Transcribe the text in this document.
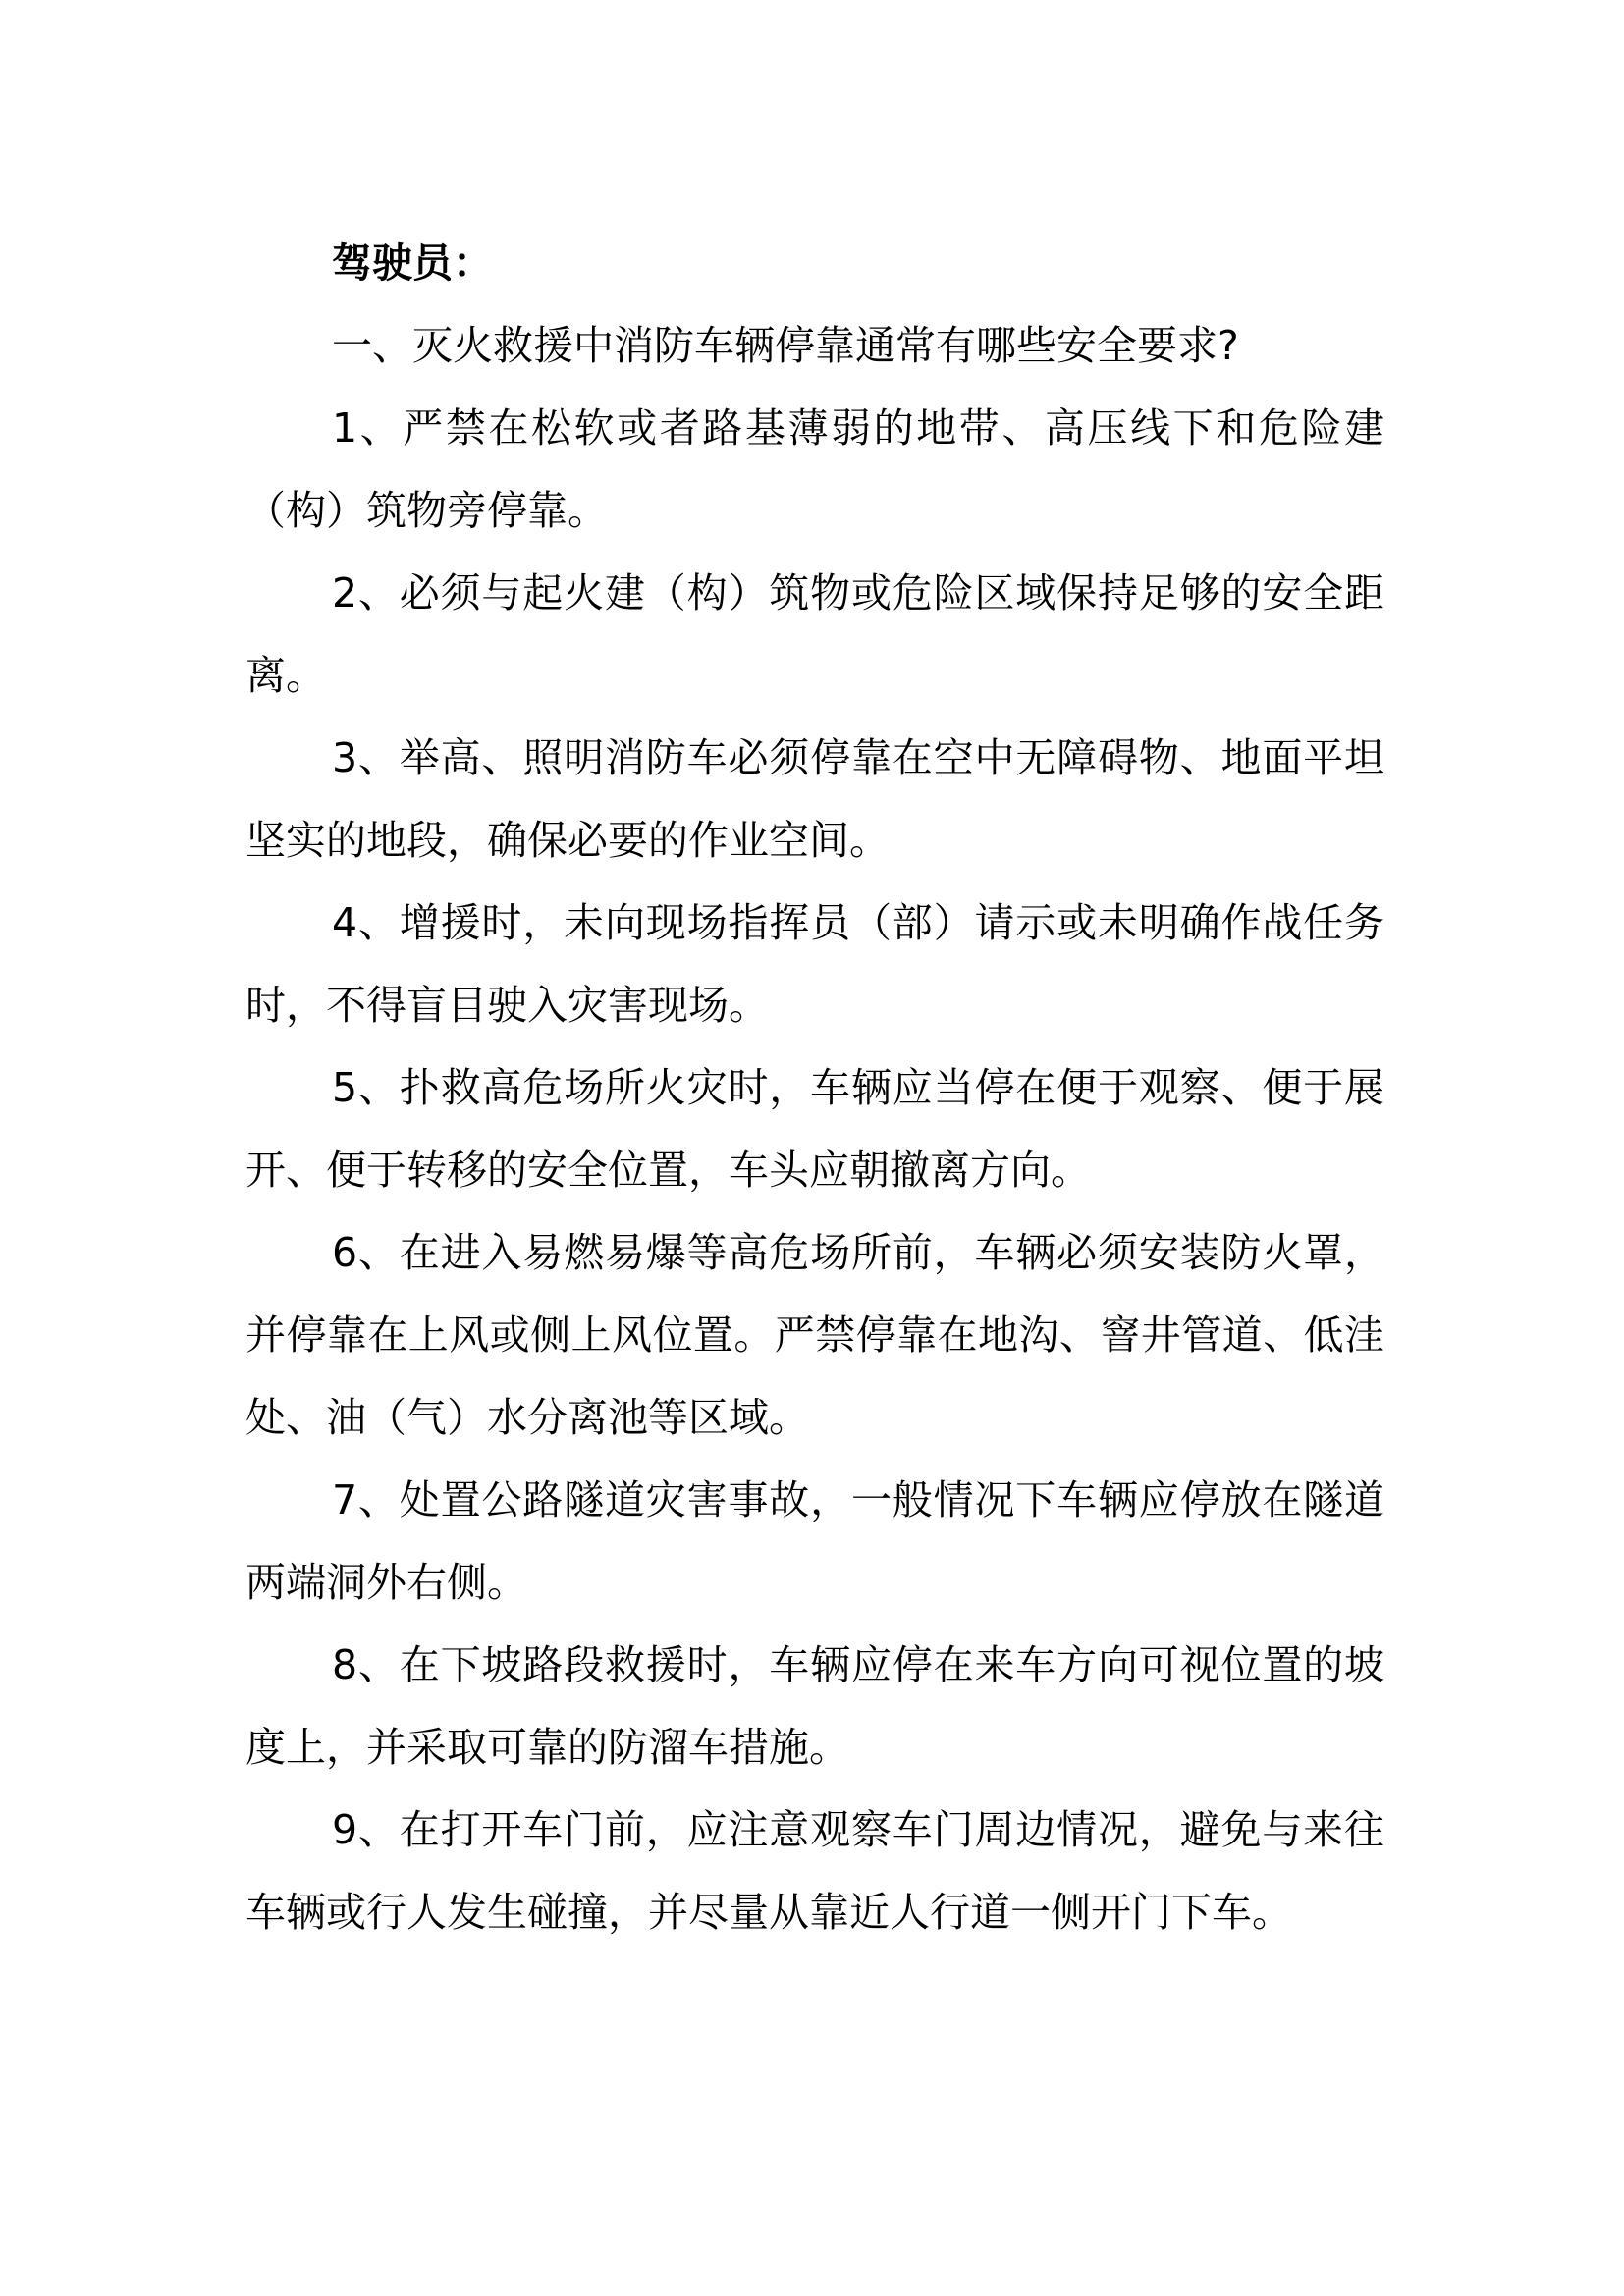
驾驶员：

一、灭火救援中消防车辆停靠通常有哪些安全要求?

1、严禁在松软或者路基薄弱的地带、高压线下和危险建（构）筑物旁停靠。

2、必须与起火建（构）筑物或危险区域保持足够的安全距离。

3、举高、照明消防车必须停靠在空中无障碍物、地面平坦坚实的地段，确保必要的作业空间。

4、增援时，未向现场指挥员（部）请示或未明确作战任务时，不得盲目驶入灾害现场。

5、扑救高危场所火灾时，车辆应当停在便于观察、便于展开、便于转移的安全位置，车头应朝撤离方向。

6、在进入易燃易爆等高危场所前，车辆必须安装防火罩，并停靠在上风或侧上风位置。严禁停靠在地沟、窨井管道、低洼处、油（气）水分离池等区域。

7、处置公路隧道灾害事故，一般情况下车辆应停放在隧道两端洞外右侧。

8、在下坡路段救援时，车辆应停在来车方向可视位置的坡度上，并采取可靠的防溜车措施。

9、在打开车门前，应注意观察车门周边情况，避免与来往车辆或行人发生碰撞，并尽量从靠近人行道一侧开门下车。
